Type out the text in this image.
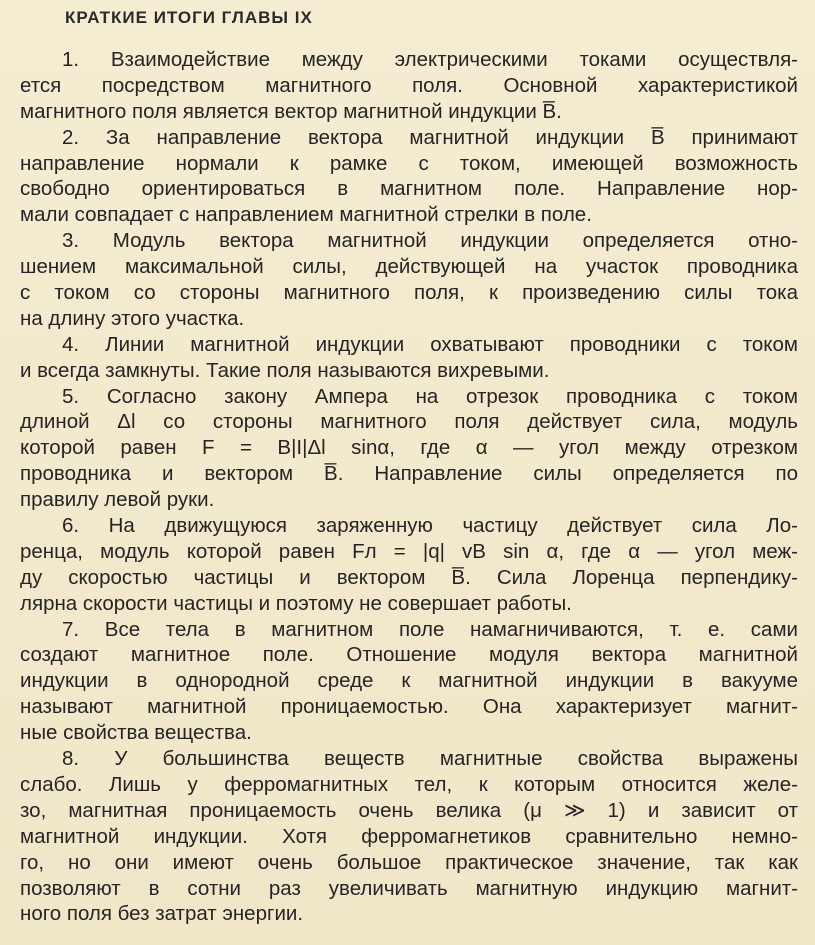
КРАТКИЕ ИТОГИ ГЛАВЫ IX
1. Взаимодействие между электрическими токами осуществля-
ется посредством магнитного поля. Основной характеристикой
магнитного поля является вектор магнитной индукции B̅.
2. За направление вектора магнитной индукции B̅ принимают
направление нормали к рамке с током, имеющей возможность
свободно ориентироваться в магнитном поле. Направление нор-
мали совпадает с направлением магнитной стрелки в поле.
3. Модуль вектора магнитной индукции определяется отно-
шением максимальной силы, действующей на участок проводника
с током со стороны магнитного поля, к произведению силы тока
на длину этого участка.
4. Линии магнитной индукции охватывают проводники с током
и всегда замкнуты. Такие поля называются вихревыми.
5. Согласно закону Ампера на отрезок проводника с током
длиной Δl со стороны магнитного поля действует сила, модуль
которой равен F = B|I|Δl sinα, где α — угол между отрезком
проводника и вектором B̅. Направление силы определяется по
правилу левой руки.
6. На движущуюся заряженную частицу действует сила Ло-
ренца, модуль которой равен Fл = |q| vB sin α, где α — угол меж-
ду скоростью частицы и вектором B̅. Сила Лоренца перпендику-
лярна скорости частицы и поэтому не совершает работы.
7. Все тела в магнитном поле намагничиваются, т. е. сами
создают магнитное поле. Отношение модуля вектора магнитной
индукции в однородной среде к магнитной индукции в вакууме
называют магнитной проницаемостью. Она характеризует магнит-
ные свойства вещества.
8. У большинства веществ магнитные свойства выражены
слабо. Лишь у ферромагнитных тел, к которым относится желе-
зо, магнитная проницаемость очень велика (μ ≫ 1) и зависит от
магнитной индукции. Хотя ферромагнетиков сравнительно немно-
го, но они имеют очень большое практическое значение, так как
позволяют в сотни раз увеличивать магнитную индукцию магнит-
ного поля без затрат энергии.
